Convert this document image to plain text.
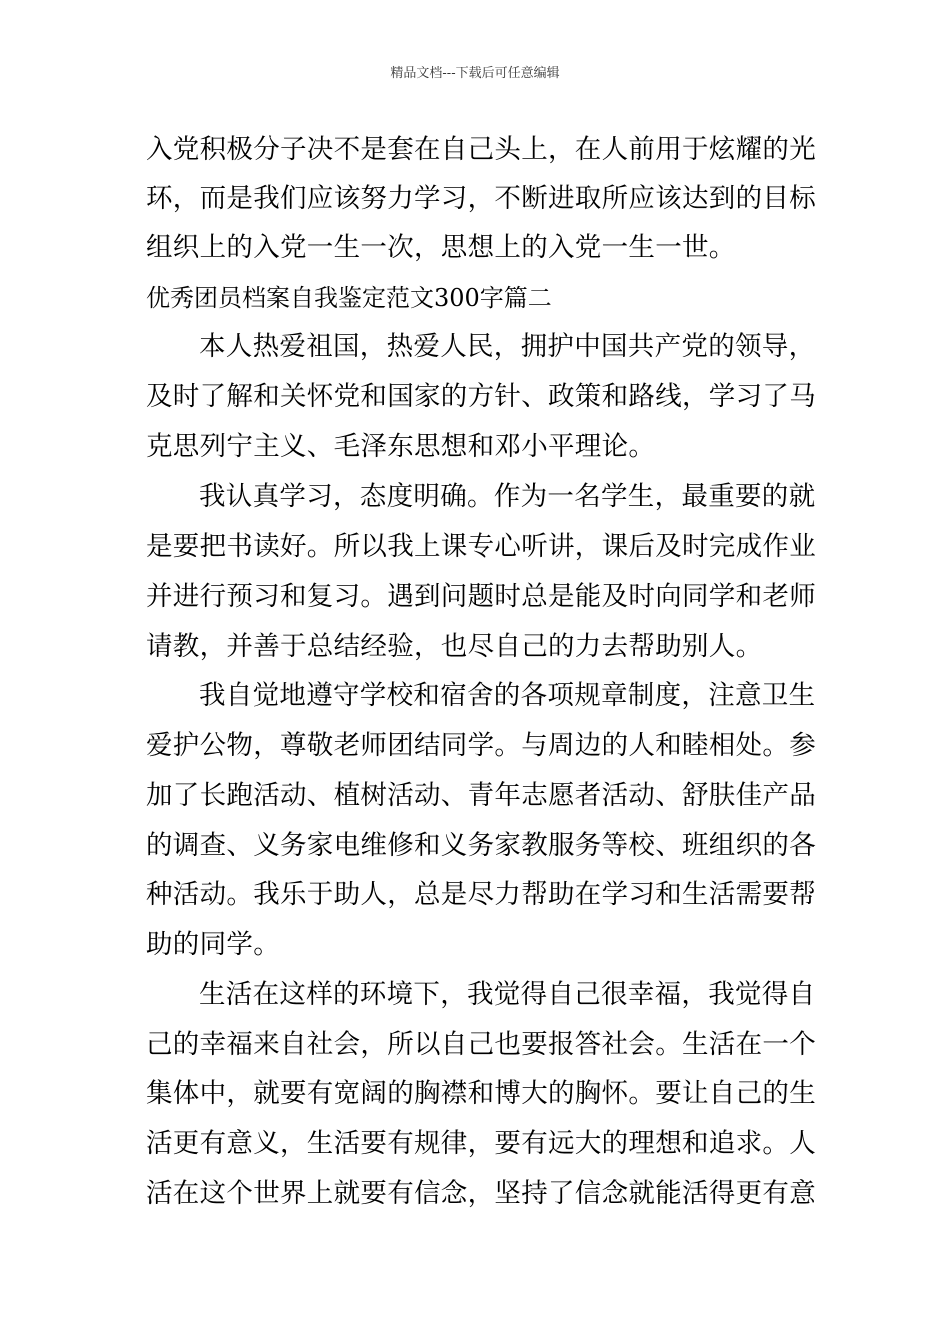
精品文档---下载后可任意编辑
入党积极分子决不是套在自己头上，在人前用于炫耀的光
环，而是我们应该努力学习，不断进取所应该达到的目标
组织上的入党一生一次，思想上的入党一生一世。
优秀团员档案自我鉴定范文300字篇二
本人热爱祖国，热爱人民，拥护中国共产党的领导，
及时了解和关怀党和国家的方针、政策和路线，学习了马
克思列宁主义、毛泽东思想和邓小平理论。
我认真学习，态度明确。作为一名学生，最重要的就
是要把书读好。所以我上课专心听讲，课后及时完成作业
并进行预习和复习。遇到问题时总是能及时向同学和老师
请教，并善于总结经验，也尽自己的力去帮助别人。
我自觉地遵守学校和宿舍的各项规章制度，注意卫生
爱护公物，尊敬老师团结同学。与周边的人和睦相处。参
加了长跑活动、植树活动、青年志愿者活动、舒肤佳产品
的调查、义务家电维修和义务家教服务等校、班组织的各
种活动。我乐于助人，总是尽力帮助在学习和生活需要帮
助的同学。
生活在这样的环境下，我觉得自己很幸福，我觉得自
己的幸福来自社会，所以自己也要报答社会。生活在一个
集体中，就要有宽阔的胸襟和博大的胸怀。要让自己的生
活更有意义，生活要有规律，要有远大的理想和追求。人
活在这个世界上就要有信念，坚持了信念就能活得更有意
